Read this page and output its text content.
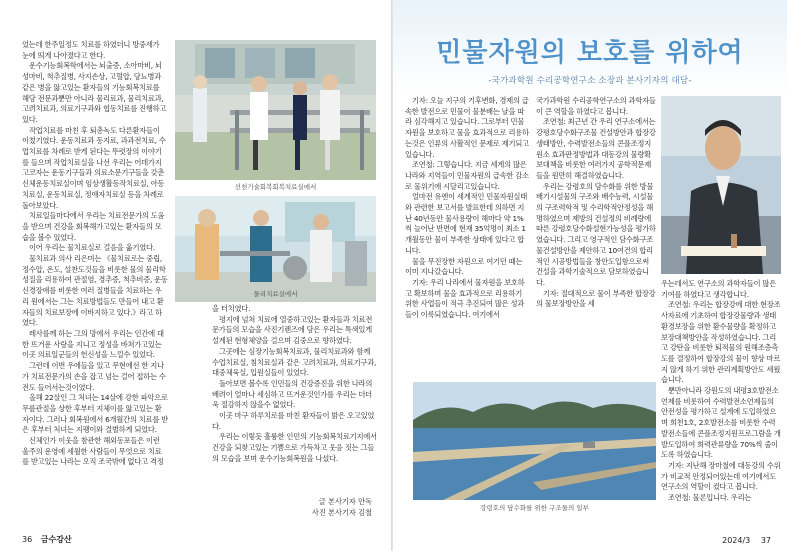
었는데 한주일정도 치료를 하였더니 방중세가 눈에 띄게 나아졌다고 한다.

운수기능회복학에서는 뇌출증, 소아마비, 뇌성마비, 척추질병, 사지손상, 고혈압, 당뇨병과 같은 병을 앓고있는 환자들의 기능회복치료를 해당 전문과뿐만 아니라 물리료과, 물리치료과, 고려치료과, 의료기구과와 협동치료를 진행하고있다.

작업치료를 마친 후 퇴총녹도 다른환자들이 이쳤기였다. 운동치료과 동지료, 과과전치료, 수업치료를 차례로 받게 된다는 뚜렷장의 이야기를 들으며 작업치료실을 나선 우리는 어데가지 고코자는 운동기구들과 의료소문기구들을 갖춘 신체운동치료실이며 임상생활동작치료실, 아동치료실, 운동치료실, 정애자치료실 등을 차례로 돌아보았다.

치료일들마다에서 우리는 치료전문가의 도움을 받으며 건강을 회복해가고있는 환자들의 모습을 볼수 있었다.

이어 우리는 물치료실로 걸음을 옮기였다.

물치료과 의사 리은미는 《물치료로는 중립, 정수압, 온도, 설찬도것들을 비롯한 물의 물리학성질을 리용하여 관절염, 경추증, 척추비증, 운동신경장애를 비롯한 여러 질병들을 치료하는 우리 원에서는 그는 치료방법들도 만들어 내고 환자들의 치료보장에 이바지하고 있다.》라고 하였다.

레사를께 하는 그의 망에서 우리는 인간에 대한 뜨거운 사랑을 지니고 정성을 바쳐가고있는 이곳 의료일군들의 헌신성을 느낄수 있었다.

그런데 이번 우에들을 있고 무현에선 한 지나가 치료전문가의 손을 잡고 넘는 걸어 접하는 수전도 들어서는것이였다.

올해 22살인 그 처녀는 14살에 강한 파악으로 무릎관절을 상한 후부터 지체이를 앓고있는 환자이다. 그러나 회복원에서 6개월간의 치료를 받은 후부터 처녀는 지팽이와 결별하게 되었다.

신체인가 이웃을 참관한 해외동포들은 이런 울주의 운영에 세월한 사람들이 무엇으로 치료를 받고있는 나라는 오직 조국밖에 없다고 격정

선천기술회복회복치료실에서
물리치료실에서

을 터치였다.

평지에 넘쳐 치료에 열중하고있는 환자들과 치료전문가들의 모습을 사진기렌즈에 담은 우리는 특색있게 설계된 현형체양을 걸으며 김중으로 향하였다.

그곳에는 심장기능회복치료과, 물리치료과와 함께 수업치료실, 침치료실과 같은 고려치료과, 의료기구과, 대중체육실, 입원실들이 있었다.

돌아보면 볼수록 인민들의 건강증진을 위한 나라의 배려이 얼마나 세심하고 뜨거운것인가를 우리는 더더욱 절감하지 않을수 없었다.

이곳 마구 하루치로를 마친 환자들이 밝은 오고있었다.

우리는 이렇듯 훌륭한 인민의 기능회복치료기지에서 건강을 되찾고있는 기쁨으로 가득차고 웃음 짓는 그들의 모습을 보며 운수기능회복원을 나섰다.

글 본사기자 안독
사진 본사기자 김철
36 금수강산
민물자원의 보호를 위하여
-국가과학원 수리공학연구소 소장과 본사기자의 대담-

기자: 오늘 지구의 기후변화, 경제의 급속한 발전으로 민물이 물분배는 날을 따라 심각해지고 있습니다. 그로부터 민물자원을 보호하고 물을 효과적으로 리용하는것은 인류의 사활적인 문제로 제기되고있습니다.

조연철: 그렇습니다. 지금 세계의 많은 나라와 지역들이 민물자원의 급속한 감소로 물위기에 시달리고있습니다.

얼마전 유엔이 세계적인 민물자원실태와 관련한 보고서를 발표한데 의하면 지난 40년동안 물사용량이 해마다 약 1%씩 늘어난 반면에 현재 35억명이 최소 1개월동안 물이 부족한 상태에 있다고 합니다.

물을 무진장한 자원으로 여기던 때는 이미 지나갔습니다.

기자: 우리 나라에서 물자원을 보호하고 확보하며 물을 효과적으로 리용하기 위한 사업들이 적극 추진되여 많은 성과들이 이룩되였습니다. 여기에서

국가과학원 수리공학연구소의 과학자들이 큰 역할을 하였다고 봅니다.

조연철: 최근년 간 우리 연구소에서는 강평호당수화구조물 건설방안과 합장강생태방안, 수력발전소들의 콘플조정지원소 효과판정방법과 대동강의 물량확보대책을 비롯한 여러가지 공학적문제들을 원만히 해결하였습니다.

우리는 강령호의 담수화를 위한 방물배기시설물의 구조와 배수능력, 시설물의 구조력학적 및 수리학적안정성을 해명하였으며 제방의 건설정의 비례량에 따른 강령호당수화설현가능성을 평가하였습니다. 그리고 영구적인 담수화구조물건설방안을 제안하고 10여건의 합리적인 시공방법들을 창안도입함으로써 건설을 과학기술적으로 담보하였습니다.

기자: 절대적으로 물이 부족한 합장강의 물보장방안을 세

우는데서도 연구소의 과학자들이 많은 기여를 하였다고 생각합니다.

조연철: 우리는 합장강에 대한 현장조사자료에 기초하여 합장강물량과 생태환경보장을 위한 환수물량을 확정하고 보장대책방안을 작성하였습니다. 그리고 강탄을 비롯한 퇴적물의 원해조층측도를 결정하여 합장강의 물이 향상 마르지 않게 하기 위한 관리계획방안도 세웠습니다.

뿐만아니라 강원도의 내평3호발전소언제를 비롯하여 수력발전소언제들의 안전성을 평가하고 설계에 도입하였으며 희천1호, 2호발전소를 비롯한 수력발전소들에 콘플조정지원프로그람을 개발도입하여 희력관류량을 70%씩 줄이도록 하였습니다.

기자: 지난해 장마철에 대동강의 수위가 비교적 안정되어있는데 여기에서도 연구소의 역할이 컸다고 봅니다.

조연철: 물론입니다. 우리는

강령호의 담수화를 위한 구조물의 일부
2024/3 37
